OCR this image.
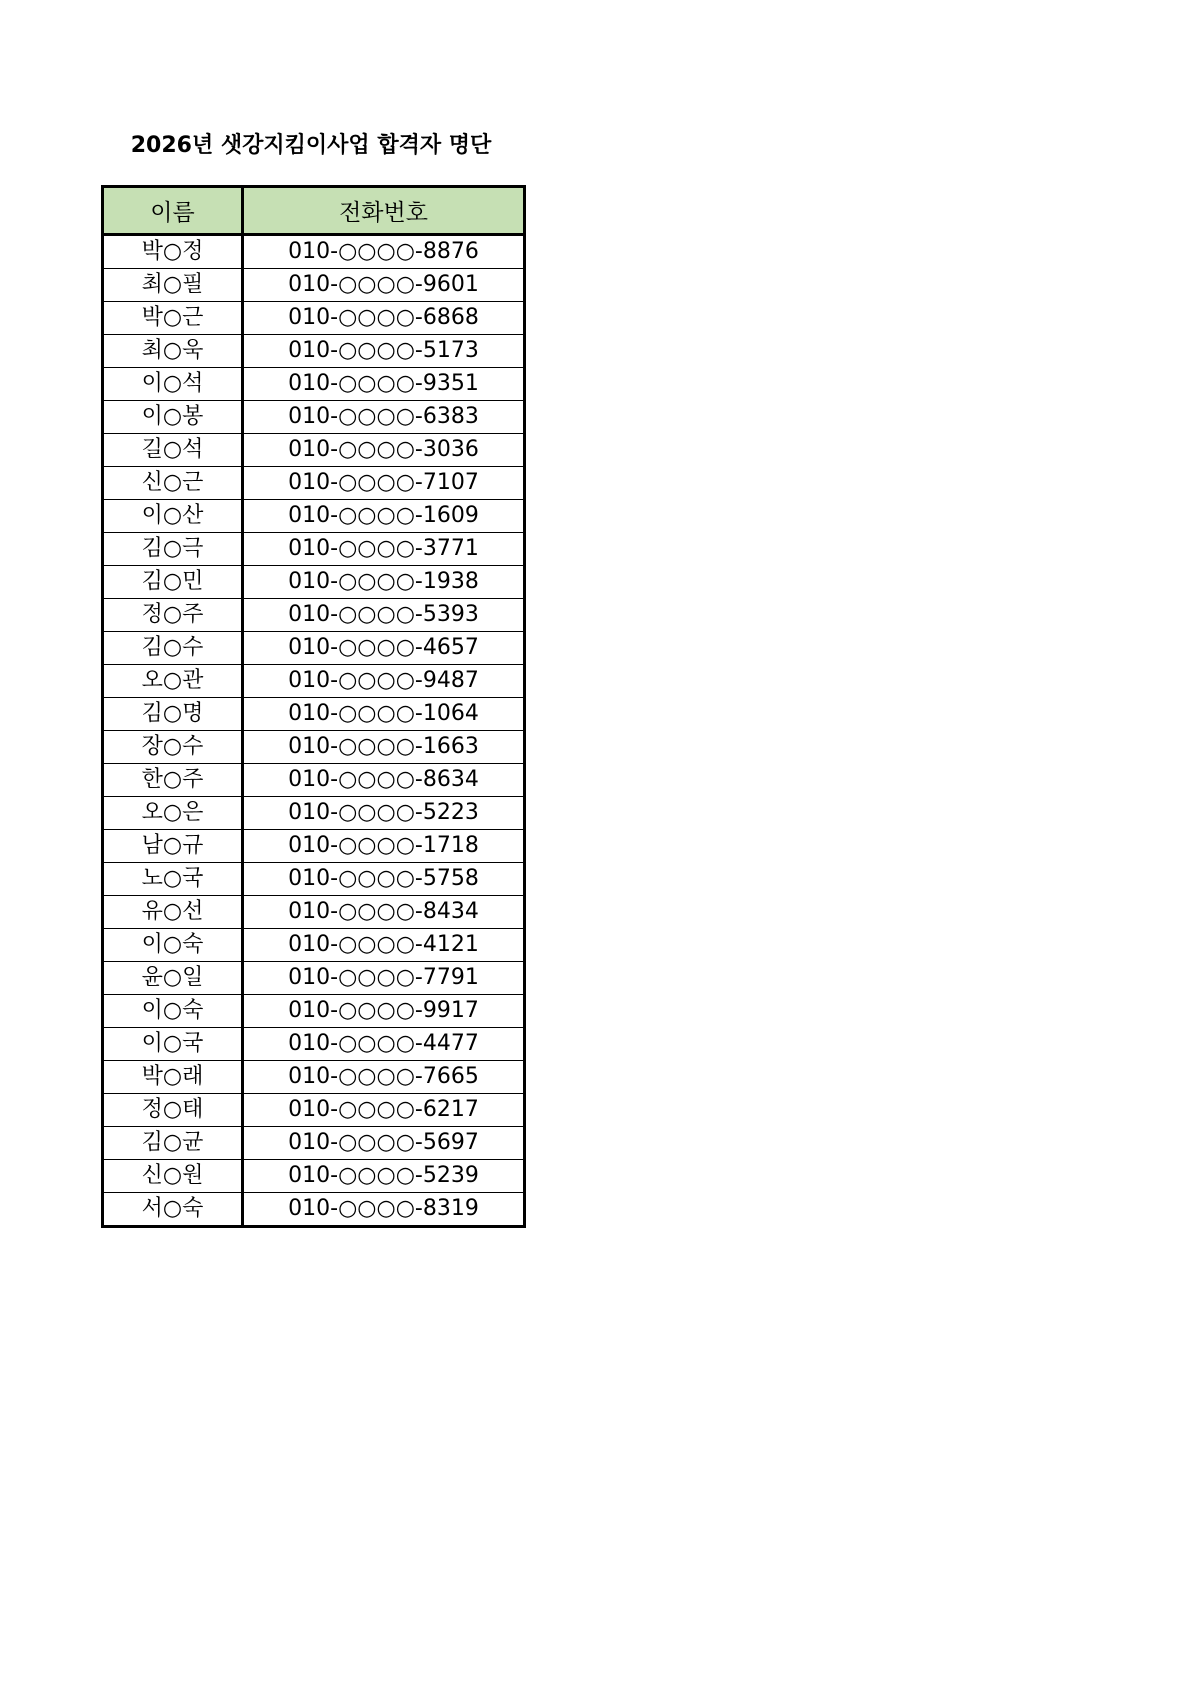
2026년 샛강지킴이사업 합격자 명단
이름	전화번호
박○정	010-○○○○-8876
최○필	010-○○○○-9601
박○근	010-○○○○-6868
최○욱	010-○○○○-5173
이○석	010-○○○○-9351
이○봉	010-○○○○-6383
길○석	010-○○○○-3036
신○근	010-○○○○-7107
이○산	010-○○○○-1609
김○극	010-○○○○-3771
김○민	010-○○○○-1938
정○주	010-○○○○-5393
김○수	010-○○○○-4657
오○관	010-○○○○-9487
김○명	010-○○○○-1064
장○수	010-○○○○-1663
한○주	010-○○○○-8634
오○은	010-○○○○-5223
남○규	010-○○○○-1718
노○국	010-○○○○-5758
유○선	010-○○○○-8434
이○숙	010-○○○○-4121
윤○일	010-○○○○-7791
이○숙	010-○○○○-9917
이○국	010-○○○○-4477
박○래	010-○○○○-7665
정○태	010-○○○○-6217
김○균	010-○○○○-5697
신○원	010-○○○○-5239
서○숙	010-○○○○-8319
